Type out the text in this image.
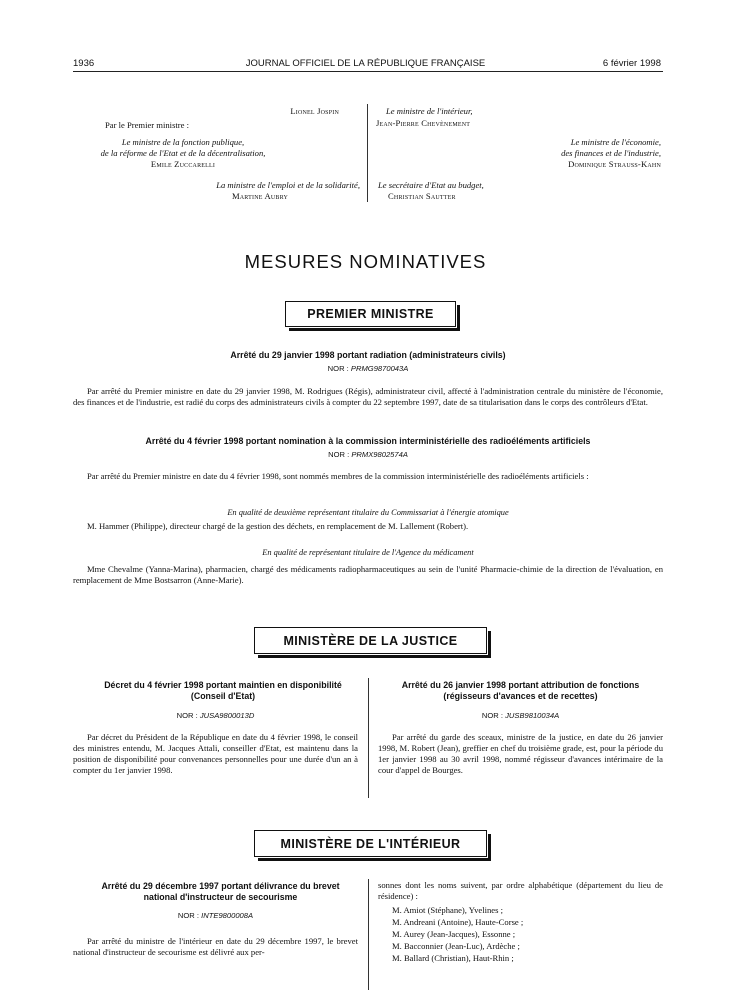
1936	JOURNAL OFFICIEL DE LA RÉPUBLIQUE FRANÇAISE	6 février 1998
Lionel Jospin
Par le Premier ministre :
Le ministre de la fonction publique,
de la réforme de l'Etat et de la décentralisation,
Emile Zuccarelli
La ministre de l'emploi et de la solidarité,
Martine Aubry
Le ministre de l'intérieur,
Jean-Pierre Chevènement
Le ministre de l'économie,
des finances et de l'industrie,
Dominique Strauss-Kahn
Le secrétaire d'Etat au budget,
Christian Sautter
MESURES NOMINATIVES
PREMIER MINISTRE
Arrêté du 29 janvier 1998 portant radiation (administrateurs civils)
NOR : PRMG9870043A
Par arrêté du Premier ministre en date du 29 janvier 1998, M. Rodrigues (Régis), administrateur civil, affecté à l'administration centrale du ministère de l'économie, des finances et de l'industrie, est radié du corps des administrateurs civils à compter du 22 septembre 1997, date de sa titularisation dans le corps des contrôleurs d'Etat.
Arrêté du 4 février 1998 portant nomination à la commission interministérielle des radioéléments artificiels
NOR : PRMX9802574A
Par arrêté du Premier ministre en date du 4 février 1998, sont nommés membres de la commission interministérielle des radioéléments artificiels :
En qualité de deuxième représentant titulaire du Commissariat à l'énergie atomique
M. Hammer (Philippe), directeur chargé de la gestion des déchets, en remplacement de M. Lallement (Robert).
En qualité de représentant titulaire de l'Agence du médicament
Mme Chevalme (Yanna-Marina), pharmacien, chargé des médicaments radiopharmaceutiques au sein de l'unité Pharmacie-chimie de la direction de l'évaluation, en remplacement de Mme Bostsarron (Anne-Marie).
MINISTÈRE DE LA JUSTICE
Décret du 4 février 1998 portant maintien en disponibilité (Conseil d'Etat)
NOR : JUSA9800013D
Par décret du Président de la République en date du 4 février 1998, le conseil des ministres entendu, M. Jacques Attali, conseiller d'Etat, est maintenu dans la position de disponibilité pour convenances personnelles pour une durée d'un an à compter du 1er janvier 1998.
Arrêté du 26 janvier 1998 portant attribution de fonctions (régisseurs d'avances et de recettes)
NOR : JUSB9810034A
Par arrêté du garde des sceaux, ministre de la justice, en date du 26 janvier 1998, M. Robert (Jean), greffier en chef du troisième grade, est, pour la période du 1er janvier 1998 au 30 avril 1998, nommé régisseur d'avances intérimaire de la cour d'appel de Bourges.
MINISTÈRE DE L'INTÉRIEUR
Arrêté du 29 décembre 1997 portant délivrance du brevet national d'instructeur de secourisme
NOR : INTE9800008A
Par arrêté du ministre de l'intérieur en date du 29 décembre 1997, le brevet national d'instructeur de secourisme est délivré aux per-
sonnes dont les noms suivent, par ordre alphabétique (département du lieu de résidence) :
M. Amiot (Stéphane), Yvelines ;
M. Andreani (Antoine), Haute-Corse ;
M. Aurey (Jean-Jacques), Essonne ;
M. Bacconnier (Jean-Luc), Ardèche ;
M. Ballard (Christian), Haut-Rhin ;
